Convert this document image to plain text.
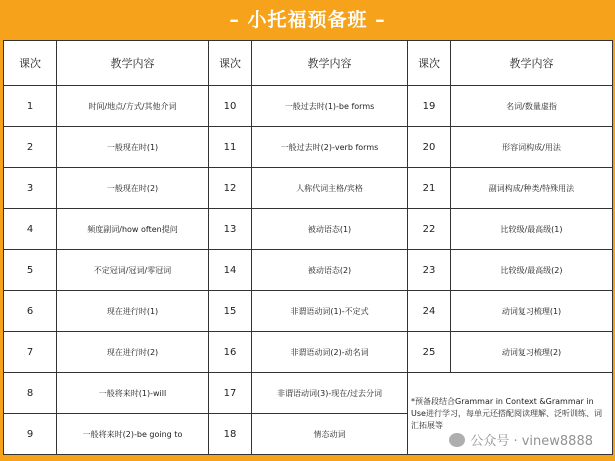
– 小托福预备班 –
课次	教学内容	课次	教学内容	课次	教学内容
1	时间/地点/方式/其他介词	10	一般过去时(1)-be forms	19	名词/数量虚指
2	一般现在时(1)	11	一般过去时(2)-verb forms	20	形容词构成/用法
3	一般现在时(2)	12	人称代词主格/宾格	21	副词构成/种类/特殊用法
4	频度副词/how often提问	13	被动语态(1)	22	比较级/最高级(1)
5	不定冠词/冠词/零冠词	14	被动语态(2)	23	比较级/最高级(2)
6	现在进行时(1)	15	非谓语动词(1)-不定式	24	动词复习梳理(1)
7	现在进行时(2)	16	非谓语动词(2)-动名词	25	动词复习梳理(2)
8	一般将来时(1)-will	17	非谓语动词(3)-现在/过去分词	*预备段结合Grammar in Context &Grammar in Use进行学习，每单元还搭配阅读理解、泛听训练、词汇拓展等	
9	一般将来时(2)-be going to	18	情态动词			公众号 · vinew8888
